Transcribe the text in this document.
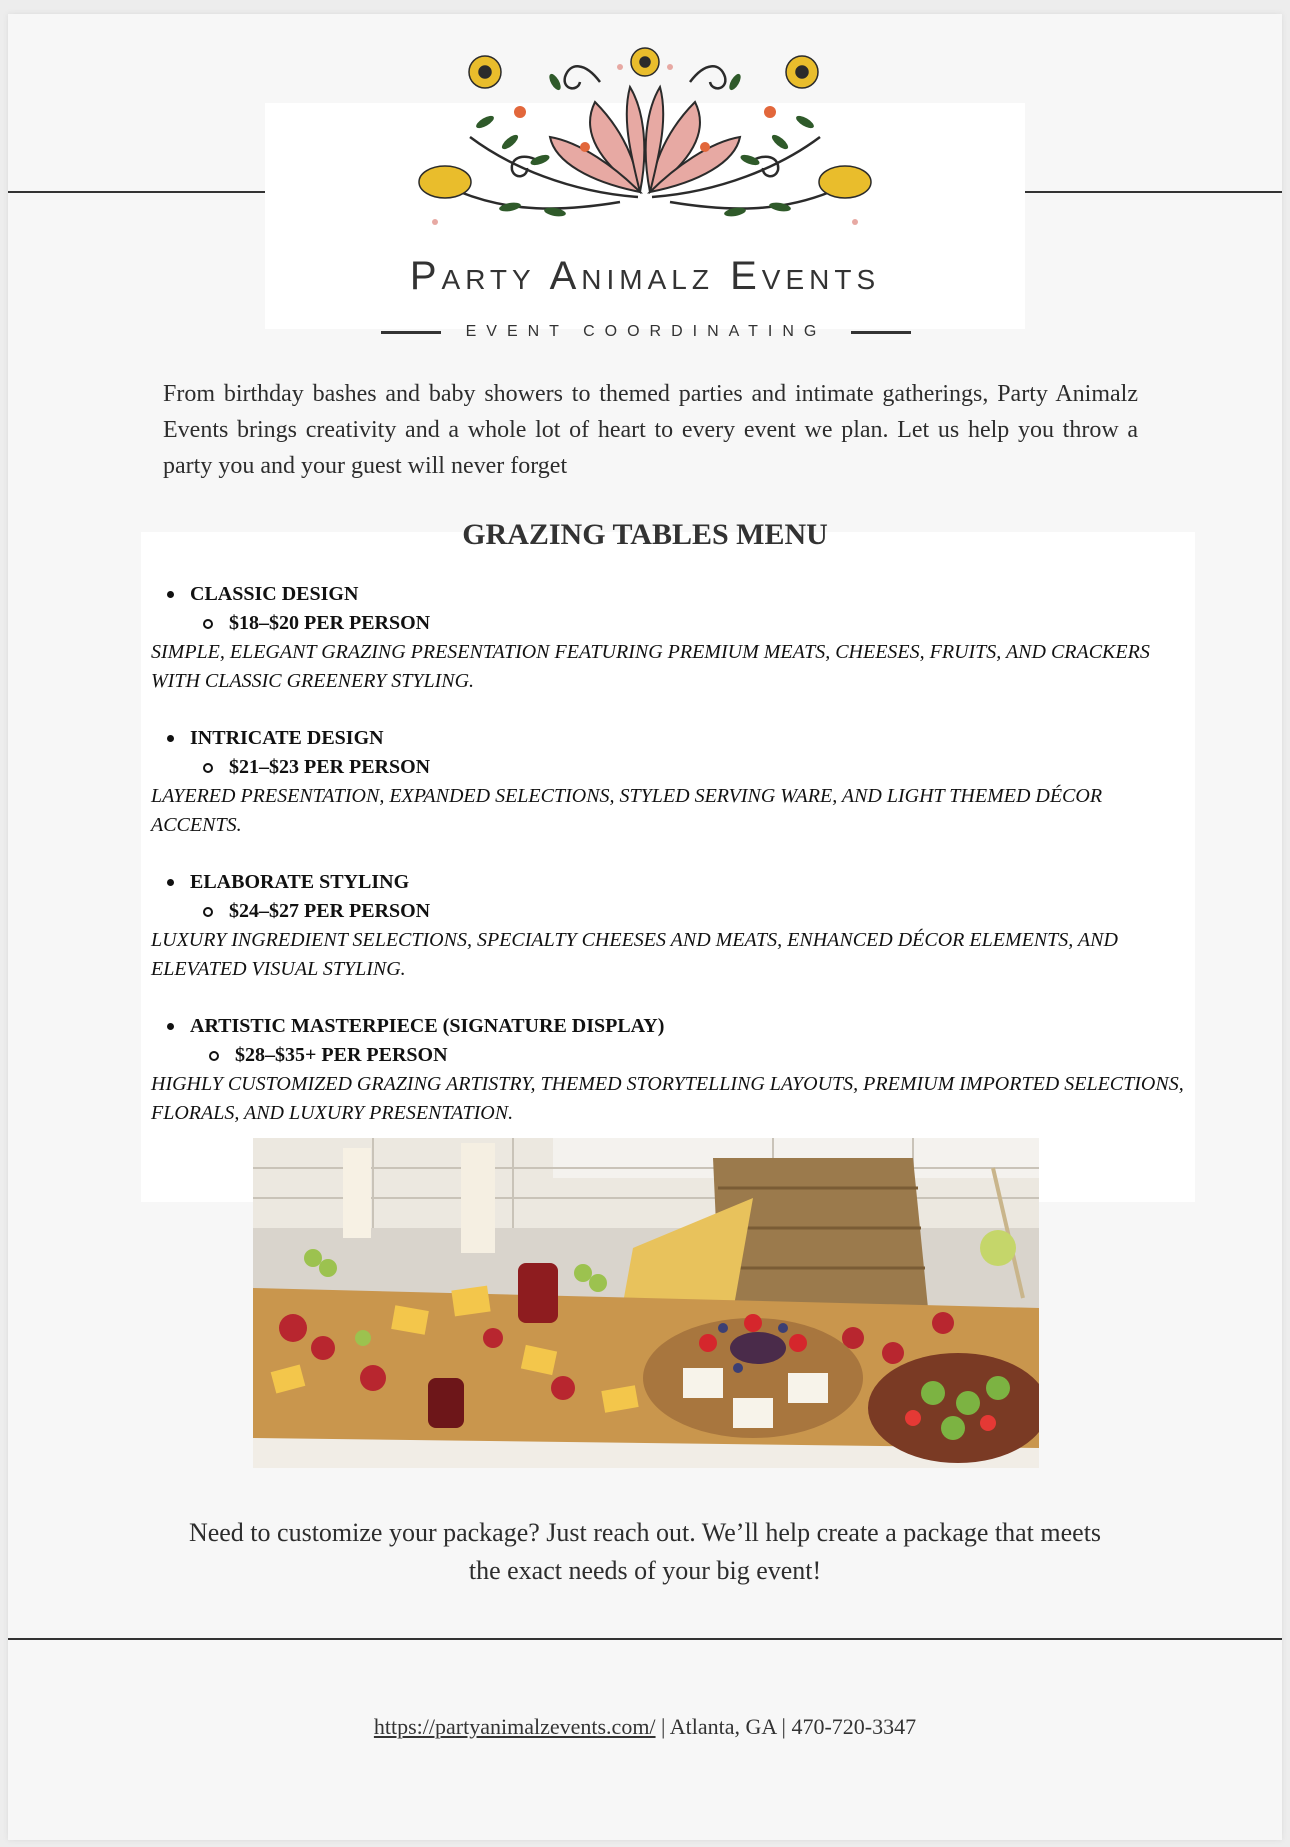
Party Animalz Events
EVENT COORDINATING

From birthday bashes and baby showers to themed parties and intimate gatherings, Party Animalz Events brings creativity and a whole lot of heart to every event we plan. Let us help you throw a party you and your guest will never forget

GRAZING TABLES MENU
CLASSIC DESIGN
$18–$20 PER PERSON

SIMPLE, ELEGANT GRAZING PRESENTATION FEATURING PREMIUM MEATS, CHEESES, FRUITS, AND CRACKERS WITH CLASSIC GREENERY STYLING.

INTRICATE DESIGN
$21–$23 PER PERSON

LAYERED PRESENTATION, EXPANDED SELECTIONS, STYLED SERVING WARE, AND LIGHT THEMED DÉCOR ACCENTS.

ELABORATE STYLING
$24–$27 PER PERSON

LUXURY INGREDIENT SELECTIONS, SPECIALTY CHEESES AND MEATS, ENHANCED DÉCOR ELEMENTS, AND ELEVATED VISUAL STYLING.

ARTISTIC MASTERPIECE (SIGNATURE DISPLAY)
$28–$35+ PER PERSON

HIGHLY CUSTOMIZED GRAZING ARTISTRY, THEMED STORYTELLING LAYOUTS, PREMIUM IMPORTED SELECTIONS, FLORALS, AND LUXURY PRESENTATION.

Need to customize your package? Just reach out. We’ll help create a package that meets the exact needs of your big event!

https://partyanimalzevents.com/ | Atlanta, GA | 470-720-3347
